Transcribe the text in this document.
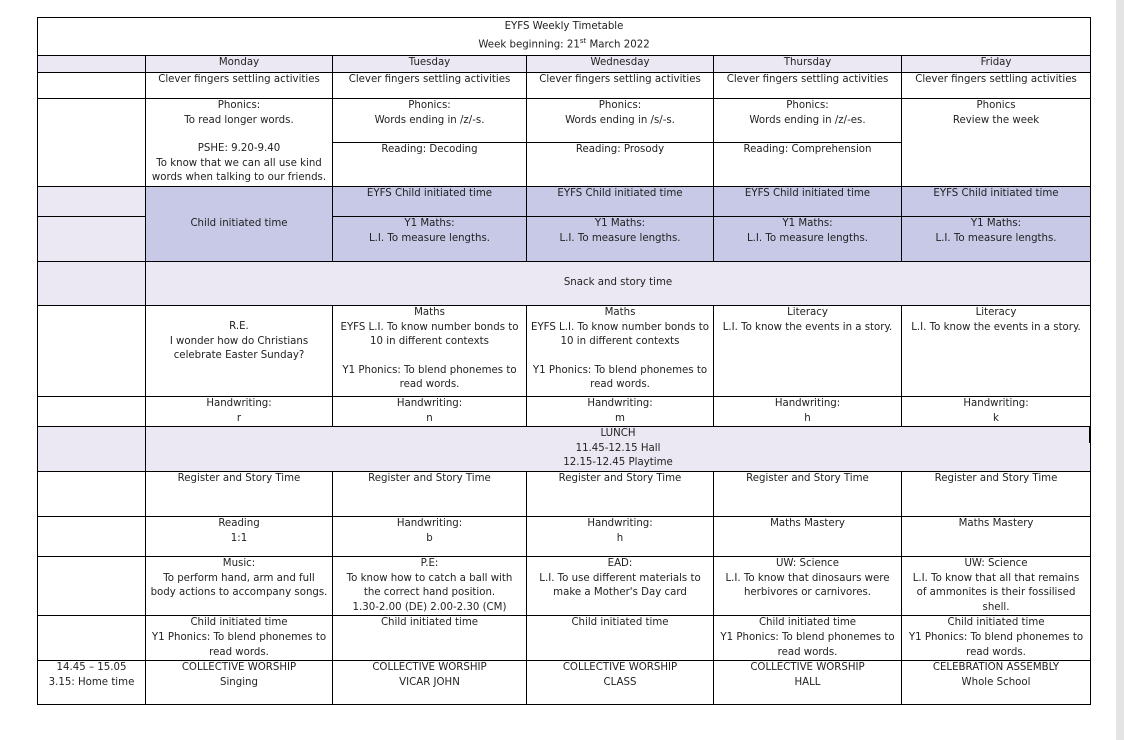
EYFS Weekly Timetable
Week beginning: 21st March 2022					

	Monday	Tuesday	Wednesday	Thursday	Friday
	Clever fingers settling activities	Clever fingers settling activities	Clever fingers settling activities	Clever fingers settling activities	Clever fingers settling activities

	Phonics:
To read longer words.
PSHE: 9.20-9.40
To know that we can all use kind
words when talking to our friends.	Phonics:
Words ending in /z/-s.	Phonics:
Words ending in /s/-s.	Phonics:
Words ending in /z/-es.	Phonics
Review the week

		Reading: Decoding	Reading: Prosody	Reading: Comprehension	
	Child initiated time	EYFS Child initiated time	EYFS Child initiated time	EYFS Child initiated time	EYFS Child initiated time

		Y1 Maths:
L.I. To measure lengths.	Y1 Maths:
L.I. To measure lengths.	Y1 Maths:
L.I. To measure lengths.	Y1 Maths:
L.I. To measure lengths.

	Snack and story time				

	R.E.
I wonder how do Christians
celebrate Easter Sunday?	Maths
EYFS L.I. To know number bonds to
10 in different contexts
Y1 Phonics: To blend phonemes to
read words.	Maths
EYFS L.I. To know number bonds to
10 in different contexts
Y1 Phonics: To blend phonemes to
read words.	Literacy
L.I. To know the events in a story.	Literacy
L.I. To know the events in a story.

	Handwriting:
r	Handwriting:
n	Handwriting:
m	Handwriting:
h	Handwriting:
k

	LUNCH
11.45-12.15 Hall
12.15-12.45 Playtime				

	Register and Story Time	Register and Story Time	Register and Story Time	Register and Story Time	Register and Story Time

	Reading
1:1	Handwriting:
b	Handwriting:
h	Maths Mastery	Maths Mastery

	Music:
To perform hand, arm and full
body actions to accompany songs.	P.E:
To know how to catch a ball with
the correct hand position.
1.30-2.00 (DE) 2.00-2.30 (CM)	EAD:
L.I. To use different materials to
make a Mother's Day card	UW: Science
L.I. To know that dinosaurs were
herbivores or carnivores.	UW: Science
L.I. To know that all that remains
of ammonites is their fossilised
shell.

	Child initiated time
Y1 Phonics: To blend phonemes to
read words.	Child initiated time	Child initiated time	Child initiated time
Y1 Phonics: To blend phonemes to
read words.	Child initiated time
Y1 Phonics: To blend phonemes to
read words.

14.45 – 15.05
3.15: Home time	COLLECTIVE WORSHIP
Singing	COLLECTIVE WORSHIP
VICAR JOHN	COLLECTIVE WORSHIP
CLASS	COLLECTIVE WORSHIP
HALL	CELEBRATION ASSEMBLY
Whole School
